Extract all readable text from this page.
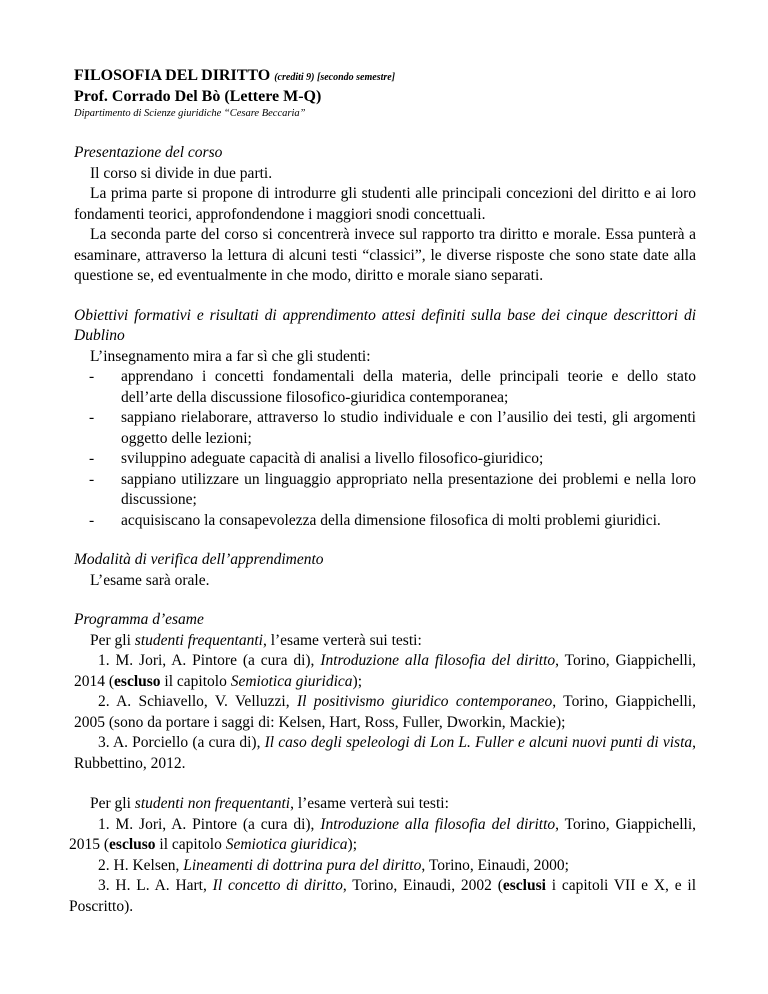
FILOSOFIA DEL DIRITTO (crediti 9) [secondo semestre]
Prof. Corrado Del Bò (Lettere M-Q)
Dipartimento di Scienze giuridiche “Cesare Beccaria”
Presentazione del corso
Il corso si divide in due parti.
La prima parte si propone di introdurre gli studenti alle principali concezioni del diritto e ai loro fondamenti teorici, approfondendone i maggiori snodi concettuali.
La seconda parte del corso si concentrerà invece sul rapporto tra diritto e morale. Essa punterà a esaminare, attraverso la lettura di alcuni testi “classici”, le diverse risposte che sono state date alla questione se, ed eventualmente in che modo, diritto e morale siano separati.
Obiettivi formativi e risultati di apprendimento attesi definiti sulla base dei cinque descrittori di Dublino
L’insegnamento mira a far sì che gli studenti:
- apprendano i concetti fondamentali della materia, delle principali teorie e dello stato dell’arte della discussione filosofico-giuridica contemporanea;
- sappiano rielaborare, attraverso lo studio individuale e con l’ausilio dei testi, gli argomenti oggetto delle lezioni;
- sviluppino adeguate capacità di analisi a livello filosofico-giuridico;
- sappiano utilizzare un linguaggio appropriato nella presentazione dei problemi e nella loro discussione;
- acquisiscano la consapevolezza della dimensione filosofica di molti problemi giuridici.
Modalità di verifica dell’apprendimento
L’esame sarà orale.
Programma d’esame
Per gli studenti frequentanti, l’esame verterà sui testi:
1. M. Jori, A. Pintore (a cura di), Introduzione alla filosofia del diritto, Torino, Giappichelli, 2014 (escluso il capitolo Semiotica giuridica);
2. A. Schiavello, V. Velluzzi, Il positivismo giuridico contemporaneo, Torino, Giappichelli, 2005 (sono da portare i saggi di: Kelsen, Hart, Ross, Fuller, Dworkin, Mackie);
3. A. Porciello (a cura di), Il caso degli speleologi di Lon L. Fuller e alcuni nuovi punti di vista, Rubbettino, 2012.
Per gli studenti non frequentanti, l’esame verterà sui testi:
1. M. Jori, A. Pintore (a cura di), Introduzione alla filosofia del diritto, Torino, Giappichelli, 2015 (escluso il capitolo Semiotica giuridica);
2. H. Kelsen, Lineamenti di dottrina pura del diritto, Torino, Einaudi, 2000;
3. H. L. A. Hart, Il concetto di diritto, Torino, Einaudi, 2002 (esclusi i capitoli VII e X, e il Poscritto).
